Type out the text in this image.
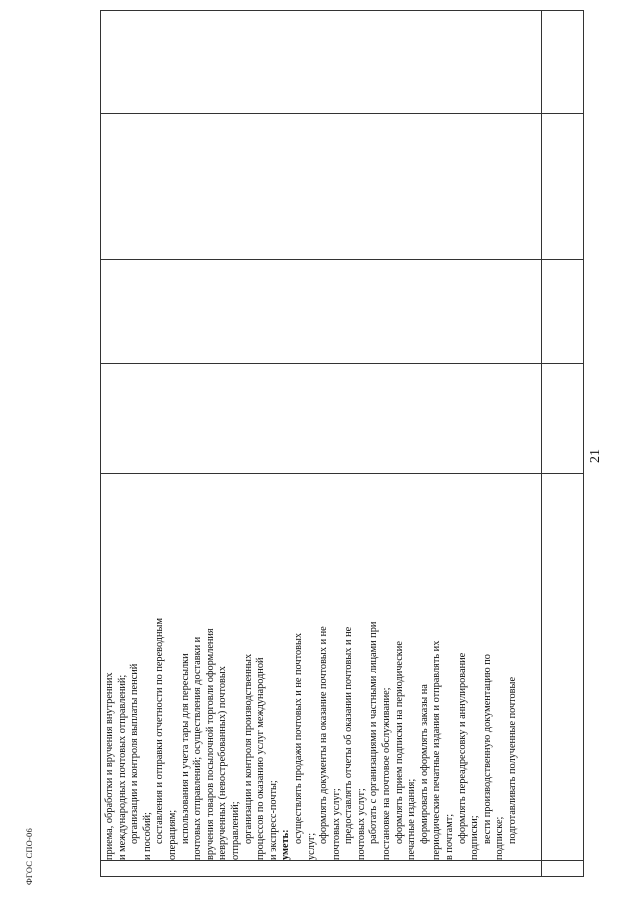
21
ФГОС СПО-06	приема, обработки и вручения внутренних и международных почтовых отправлений; организации и контроля выплаты пенсий и пособий; составления и отправки отчетности по переводным операциям; использования и учета тары для пересылки почтовых отправлений; осуществления доставки и вручения товаров посылочной торговли оформления неврученных (невостребованных) почтовых отправлений; организации и контроля производственных процессов по оказанию услуг международной и экспресс-почты; уметь:
осуществлять продажи почтовых и не почтовых
услуг;
оформлять документы на оказание почтовых и не почтовых услуг; предоставлять отчеты об оказании почтовых и не почтовых услуг; работать с организациями и частными лицами при постановке на почтовое обслуживание; оформлять прием подписки на периодические печатные издания; формировать и оформлять заказы на периодические печатные издания и отправлять их в почтамт; оформлять переадресовку и аннулирование подписки; вести производственную документацию по подписке; подготавливать полученные почтовые
